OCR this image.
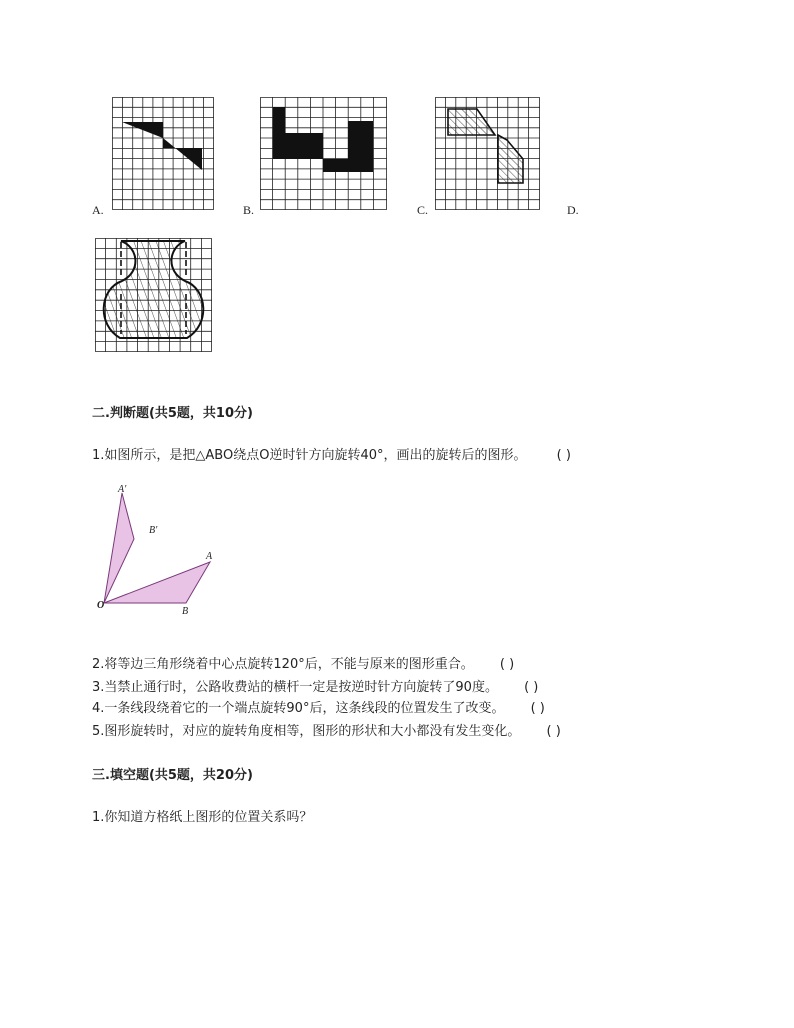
A.	B.	C.	D.
二.判断题(共5题，共10分)
1.如图所示，是把△ABO绕点O逆时针方向旋转40°，画出的旋转后的图形。 ( )
A'
B'
A
B
O
2.将等边三角形绕着中心点旋转120°后，不能与原来的图形重合。 ( )
3.当禁止通行时，公路收费站的横杆一定是按逆时针方向旋转了90度。 ( )
4.一条线段绕着它的一个端点旋转90°后，这条线段的位置发生了改变。 ( )
5.图形旋转时，对应的旋转角度相等，图形的形状和大小都没有发生变化。 ( )
三.填空题(共5题，共20分)
1.你知道方格纸上图形的位置关系吗？
